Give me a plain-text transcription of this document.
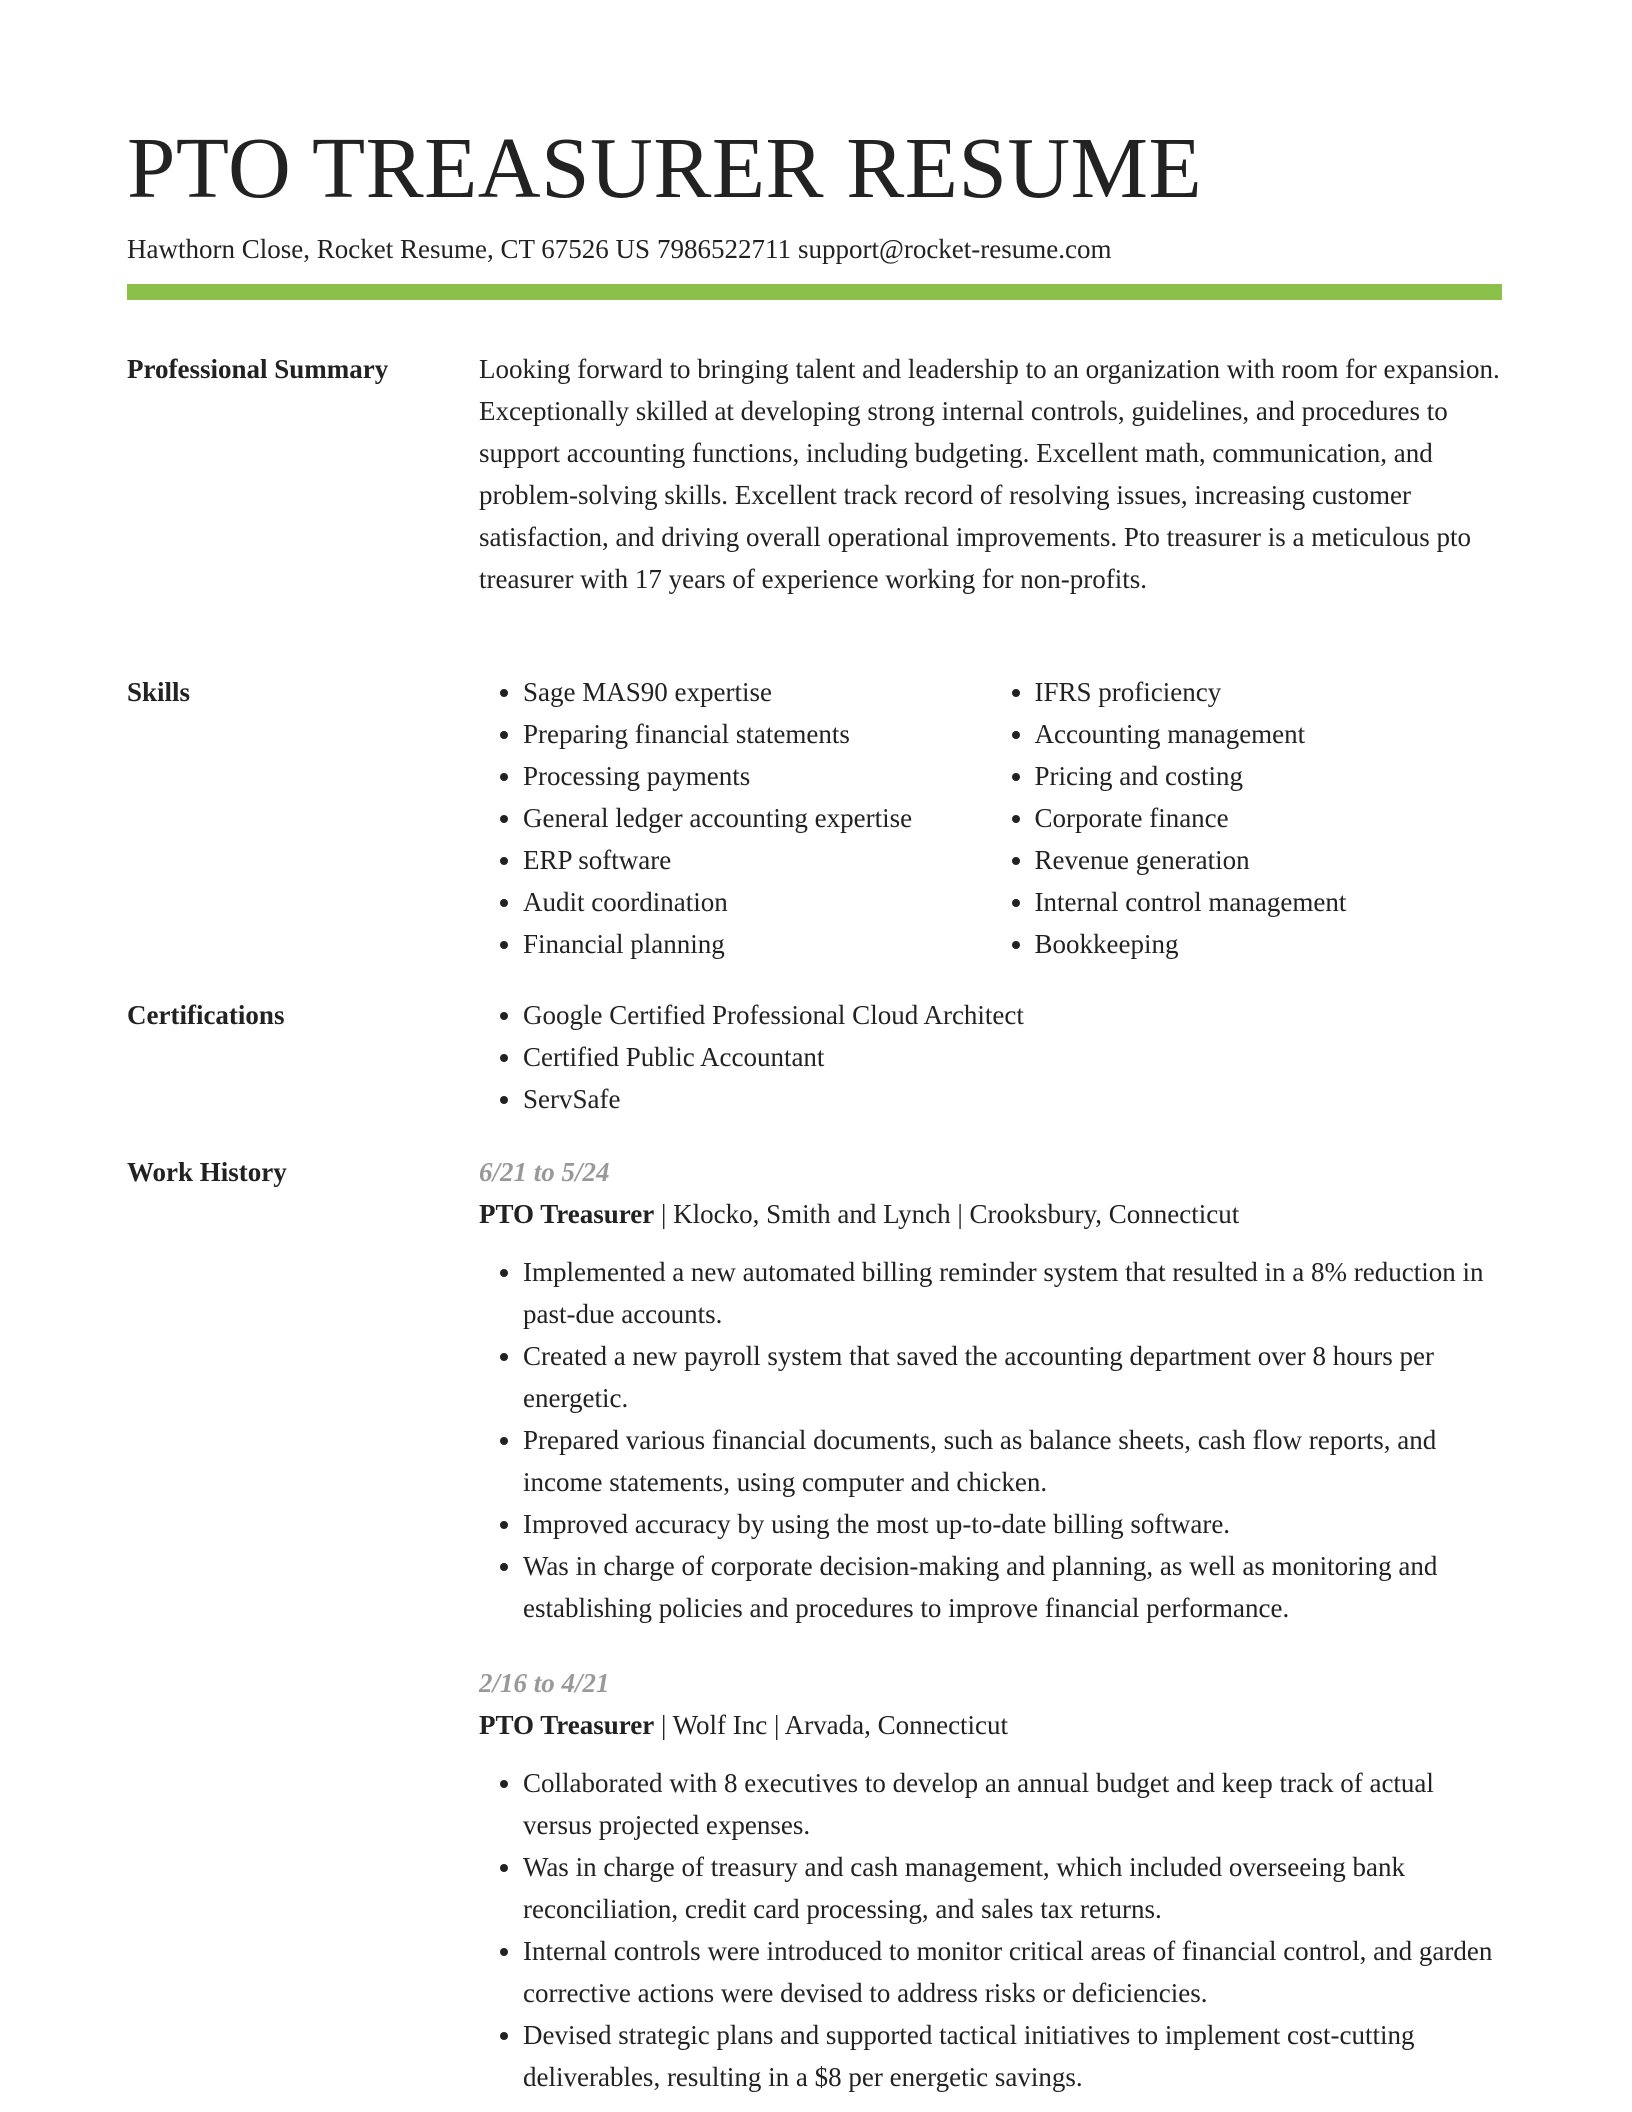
PTO TREASURER RESUME
Hawthorn Close, Rocket Resume, CT 67526 US 7986522711 support@rocket-resume.com
Professional Summary	Looking forward to bringing talent and leadership to an organization with room for expansion. Exceptionally skilled at developing strong internal controls, guidelines, and procedures to support accounting functions, including budgeting. Excellent math, communication, and problem-solving skills. Excellent track record of resolving issues, increasing customer satisfaction, and driving overall operational improvements. Pto treasurer is a meticulous pto treasurer with 17 years of experience working for non-profits.

Skills	• Sage MAS90 expertise
• Preparing financial statements
• Processing payments
• General ledger accounting expertise
• ERP software
• Audit coordination
• Financial planning
• IFRS proficiency
• Accounting management
• Pricing and costing
• Corporate finance
• Revenue generation
• Internal control management
• Bookkeeping
Certifications	• Google Certified Professional Cloud Architect
• Certified Public Accountant
• ServSafe
Work History	6/21 to 5/24
PTO Treasurer | Klocko, Smith and Lynch | Crooksbury, Connecticut
• Implemented a new automated billing reminder system that resulted in a 8% reduction in past-due accounts.
• Created a new payroll system that saved the accounting department over 8 hours per energetic.
• Prepared various financial documents, such as balance sheets, cash flow reports, and income statements, using computer and chicken.
• Improved accuracy by using the most up-to-date billing software.
• Was in charge of corporate decision-making and planning, as well as monitoring and establishing policies and procedures to improve financial performance.
2/16 to 4/21
PTO Treasurer | Wolf Inc | Arvada, Connecticut
• Collaborated with 8 executives to develop an annual budget and keep track of actual versus projected expenses.
• Was in charge of treasury and cash management, which included overseeing bank reconciliation, credit card processing, and sales tax returns.
• Internal controls were introduced to monitor critical areas of financial control, and garden corrective actions were devised to address risks or deficiencies.
• Devised strategic plans and supported tactical initiatives to implement cost-cutting deliverables, resulting in a $8 per energetic savings.
